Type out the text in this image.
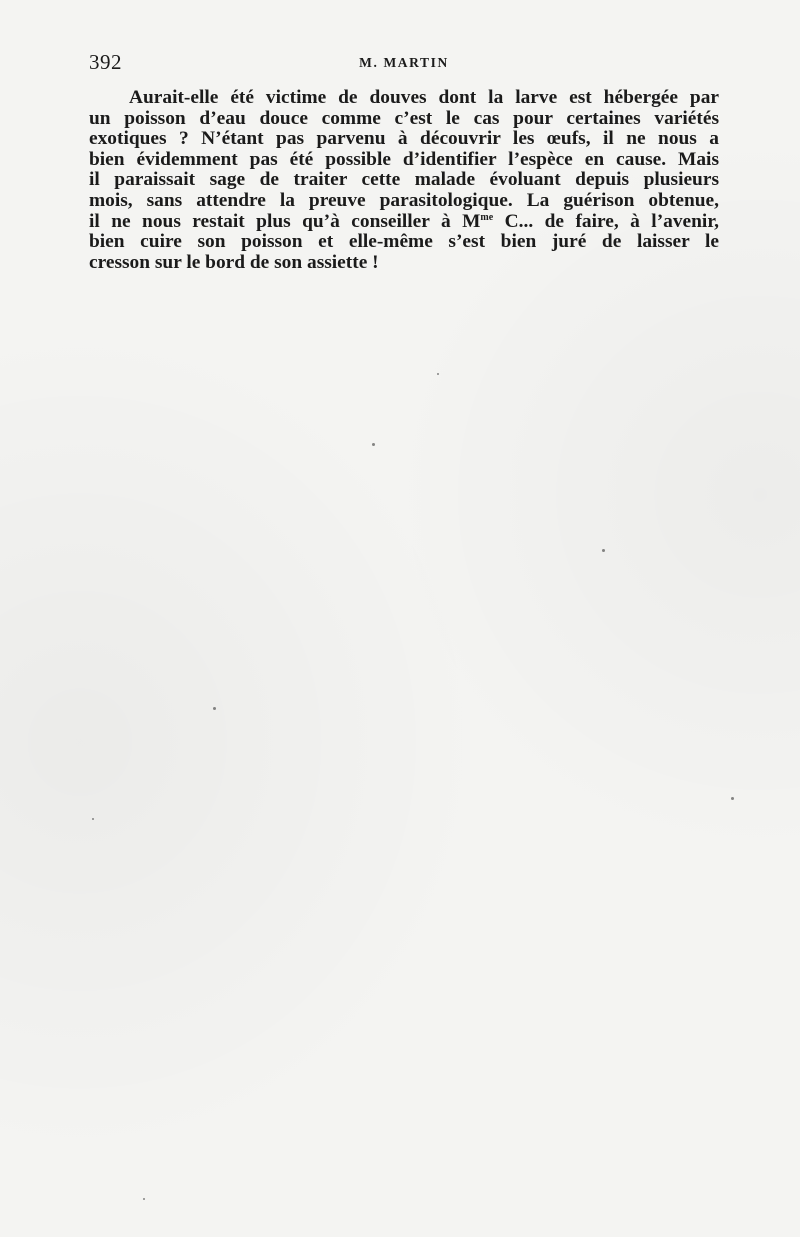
392	M. MARTIN
Aurait-elle été victime de douves dont la larve est hébergée par
un poisson d’eau douce comme c’est le cas pour certaines variétés
exotiques ? N’étant pas parvenu à découvrir les œufs, il ne nous a
bien évidemment pas été possible d’identifier l’espèce en cause. Mais
il paraissait sage de traiter cette malade évoluant depuis plusieurs
mois, sans attendre la preuve parasitologique. La guérison obtenue,
il ne nous restait plus qu’à conseiller à $M^{me}$ C... de faire, à l’avenir,
bien cuire son poisson et elle-même s’est bien juré de laisser le
cresson sur le bord de son assiette !
